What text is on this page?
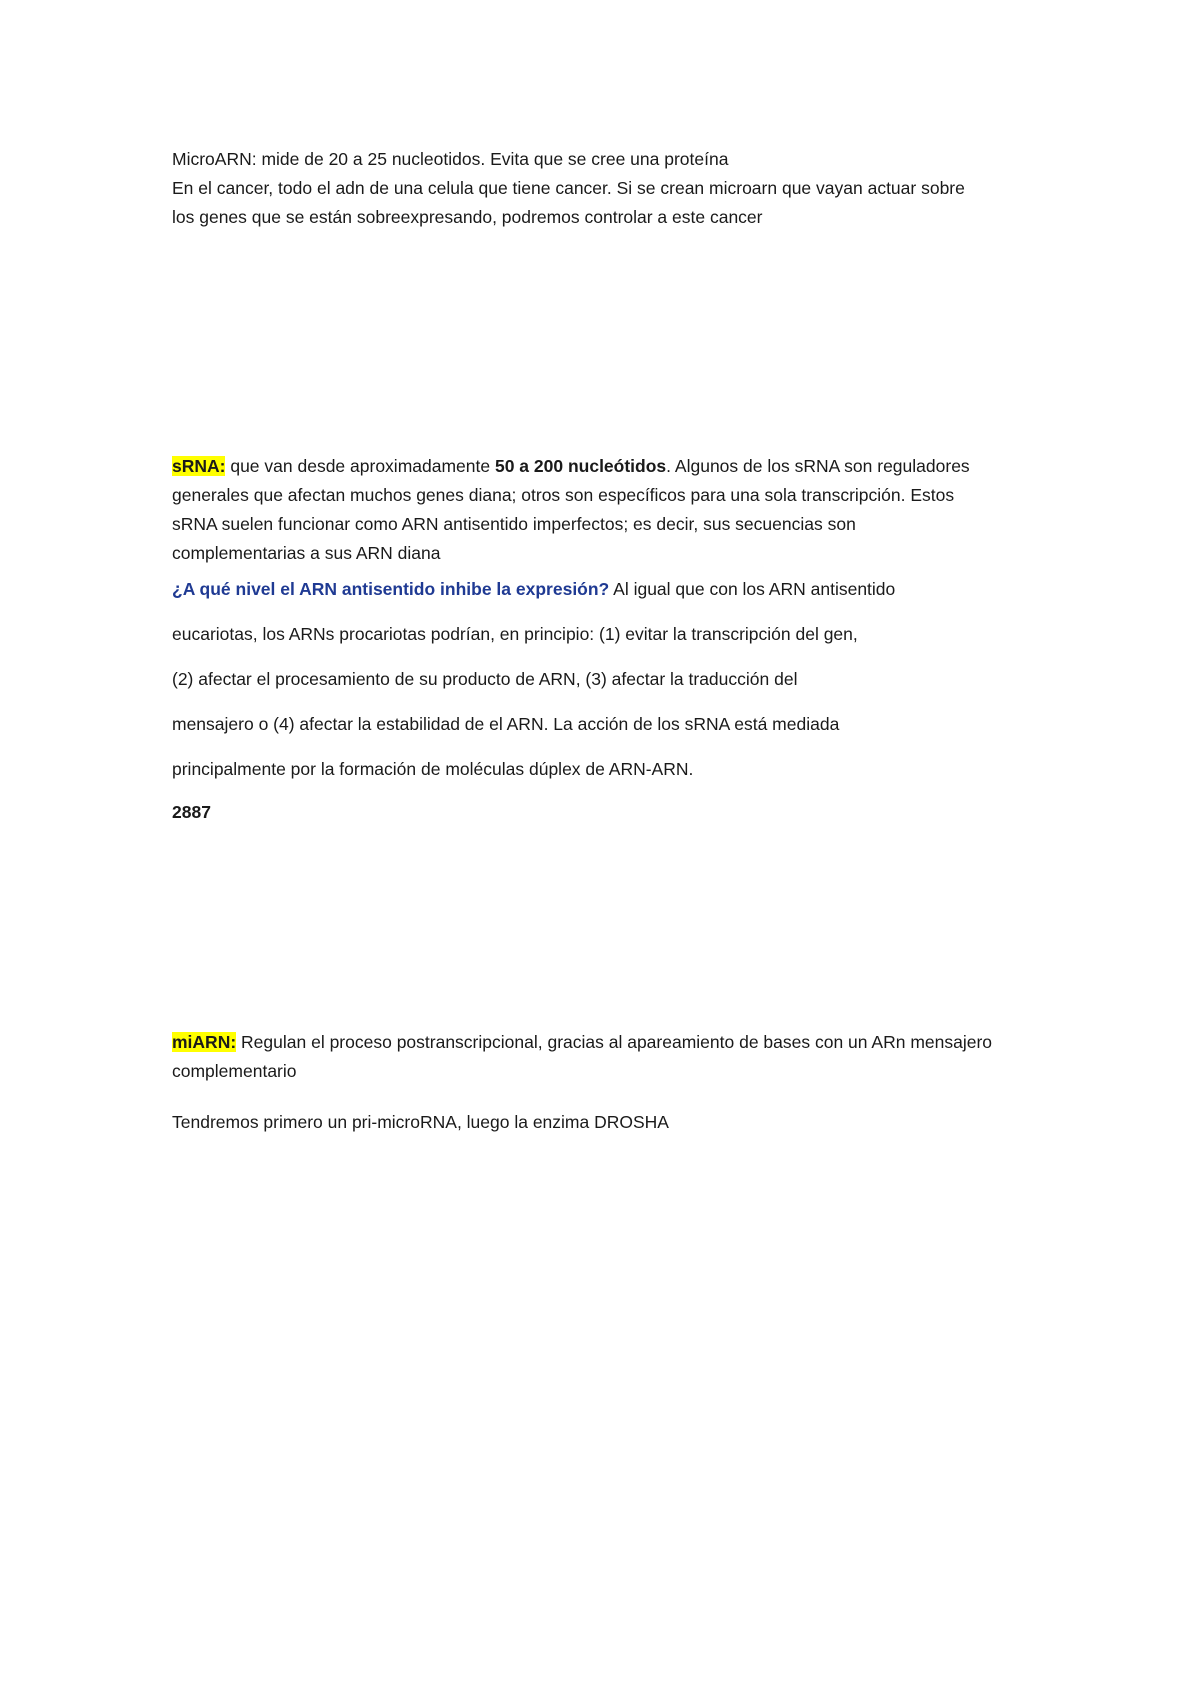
MicroARN: mide de 20 a 25 nucleotidos. Evita que se cree una proteína

En el cancer, todo el adn de una celula que tiene cancer. Si se crean microarn que vayan actuar sobre los genes que se están sobreexpresando, podremos controlar a este cancer

sRNA: que van desde aproximadamente 50 a 200 nucleótidos. Algunos de los sRNA son reguladores generales que afectan muchos genes diana; otros son específicos para una sola transcripción. Estos sRNA suelen funcionar como ARN antisentido imperfectos; es decir, sus secuencias son complementarias a sus ARN diana

¿A qué nivel el ARN antisentido inhibe la expresión? Al igual que con los ARN antisentido

eucariotas, los ARNs procariotas podrían, en principio: (1) evitar la transcripción del gen,

(2) afectar el procesamiento de su producto de ARN, (3) afectar la traducción del

mensajero o (4) afectar la estabilidad de el ARN. La acción de los sRNA está mediada

principalmente por la formación de moléculas dúplex de ARN-ARN.

2887

miARN: Regulan el proceso postranscripcional, gracias al apareamiento de bases con un ARn mensajero complementario

Tendremos primero un pri-microRNA, luego la enzima DROSHA
